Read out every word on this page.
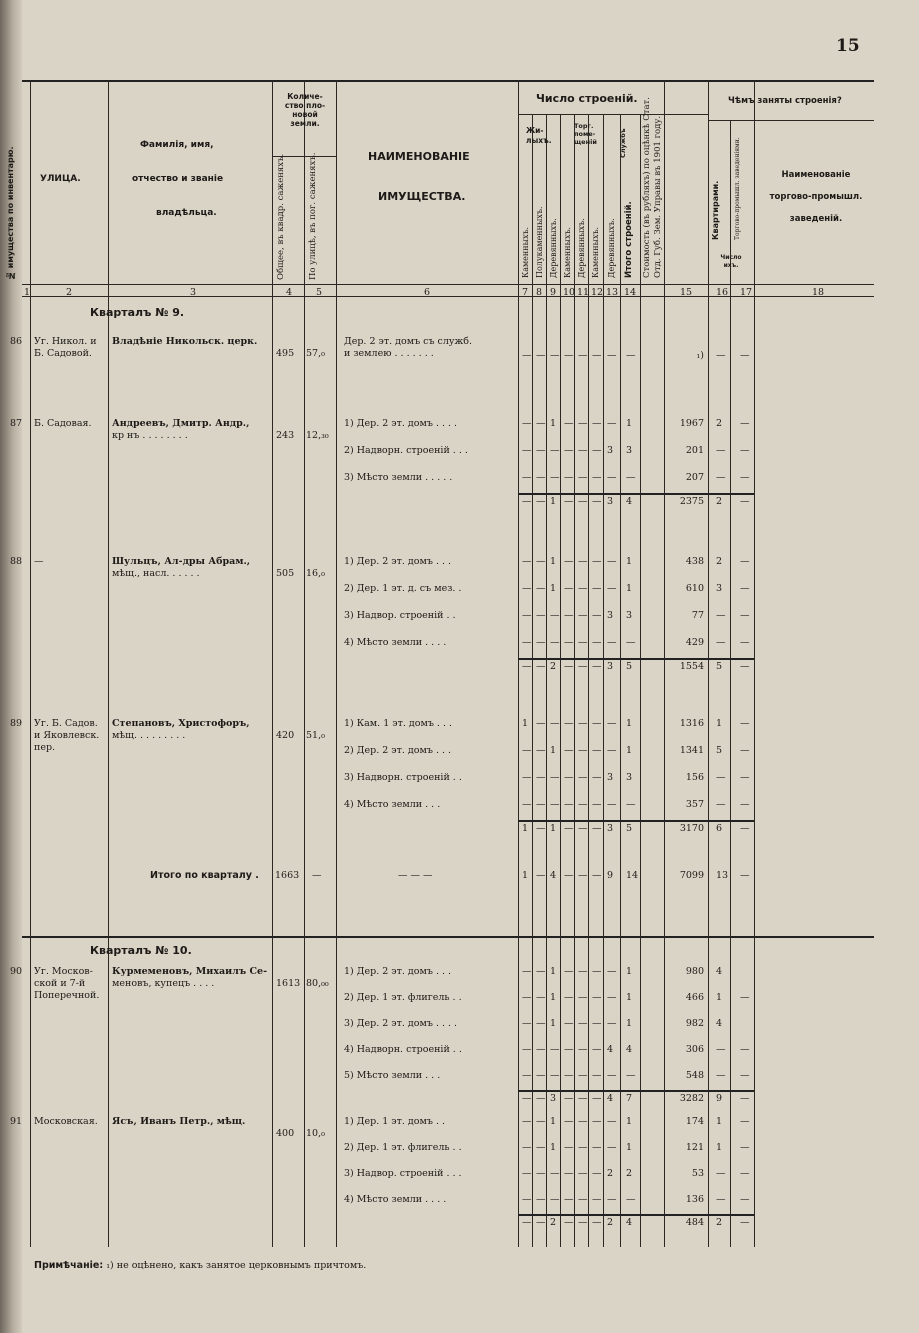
№ имущества по инвентарю.
15
УЛИЦА.
Фамилія, имя,
отчество и званіе
владѣльца.
Количе-
ство пло-
новой
земли.
Общее, въ квадр. саженяхъ.	По улицѣ, въ пог. саженяхъ.	НАИМЕНОВАНІЕ
ИМУЩЕСТВА.
Число строеній.
Жи-
лыхъ.
Торг.
поме-
щеній	Службъ
Каменныхъ. Полукаменныхъ. Деревянныхъ. Каменныхъ. Деревянныхъ. Каменныхъ. Деревянныхъ. Итого строеній. Стоимость (въ рубляхъ) по оцѣнкѣ Стат. Отд. Губ. Зем. Управы въ 1901 году.
Чѣмъ заняты строенія?
Квартирами. Торгово-промышл. заведеніями.
Число
ихъ.
Наименованіе
торгово-промышл.
заведеній.
Примѣчаніе: ₁) не оцѣнено, какъ занятое церковнымъ причтомъ.
1	2	3	4	5	6	7 8 9 10 11 12 13 14	15	16 17	18
Кварталъ № 9.
86 Уг. Никол. и
Б. Садовой.
Владѣніе Никольск. церк.
495 57,₀
Дер. 2 эт. домъ съ служб.
и землею . . . . . . .	— — — — — — — —	₁) — —
87 Б. Садовая. Андреевъ, Дмитр. Андр.,
кр нъ . . . . . . . .	243 12,₃₀
1) Дер. 2 эт. домъ . . . .	— — 1 — — — — 1	1967 2 —
2) Надворн. строеній . . .	— — — — — — 3 3	201 — —
3) Мѣсто земли . . . . .	— — — — — — — —	207 — —
— — 1 — — — 3 4	2375 2 —
88 —	Шульцъ, Ал-дры Абрам.,
мѣщ., насл. . . . . .	505 16,₀
1) Дер. 2 эт. домъ . . .	— — 1 — — — — 1	438 2 —
2) Дер. 1 эт. д. съ мез. .	— — 1 — — — — 1	610 3 —
3) Надвор. строеній . .	— — — — — — 3 3	77 — —
4) Мѣсто земли . . . .	— — — — — — — —	429 — —
— — 2 — — — 3 5	1554 5 —
89 Уг. Б. Садов.
и Яковлевск.
пер.
Степановъ, Христофоръ,
мѣщ. . . . . . . . .	420 51,₀
1) Кам. 1 эт. домъ . . .	1 — — — — — — 1	1316 1 —
2) Дер. 2 эт. домъ . . .	— — 1 — — — — 1	1341 5 —
3) Надворн. строеній . .	— — — — — — 3 3	156 — —
4) Мѣсто земли . . .	— — — — — — — —	357 — —
1 — 1 — — — 3 5	3170 6 —
Итого по кварталу . 1663 —	— — —	1 — 4 — — — 9 14	7099 13 —
Кварталъ № 10.
90 Уг. Москов-
ской и 7-й
Поперечной.
Курмеменовъ, Михаилъ Се-
меновъ, купецъ . . . .	1613 80,₀₀
1) Дер. 2 эт. домъ . . .	— — 1 — — — — 1	980 4
2) Дер. 1 эт. флигель . .	— — 1 — — — — 1	466 1 —
3) Дер. 2 эт. домъ . . . .	— — 1 — — — — 1	982 4
4) Надворн. строеній . .	— — — — — — 4 4	306 — —
5) Мѣсто земли . . .	— — — — — — — —	548 — —
— — 3 — — — 4 7	3282 9 —
91 Московская. Ясъ, Иванъ Петр., мѣщ.
400 10,₀
1) Дер. 1 эт. домъ . .	— — 1 — — — — 1	174 1 —
2) Дер. 1 эт. флигель . .	— — 1 — — — — 1	121 1 —
3) Надвор. строеній . . .	— — — — — — 2 2	53 — —
4) Мѣсто земли . . . .	— — — — — — — —	136 — —
— — 2 — — — 2 4	484 2 —
